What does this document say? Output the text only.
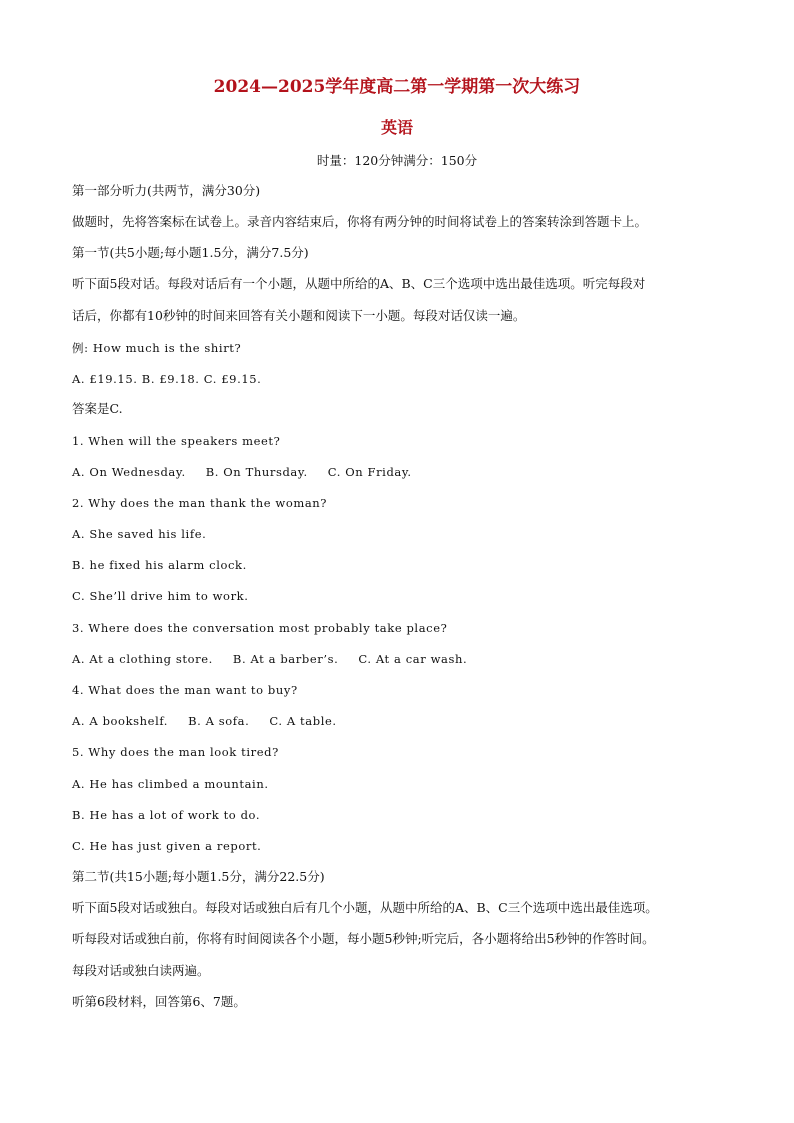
2024—2025学年度高二第一学期第一次大练习
英语
时量：120分钟满分：150分
第一部分听力(共两节，满分30分)
做题时，先将答案标在试卷上。录音内容结束后，你将有两分钟的时间将试卷上的答案转涂到答题卡上。
第一节(共5小题;每小题1.5分，满分7.5分)
听下面5段对话。每段对话后有一个小题，从题中所给的A、B、C三个选项中选出最佳选项。听完每段对
话后，你都有10秒钟的时间来回答有关小题和阅读下一小题。每段对话仅读一遍。
例: How much is the shirt?
A. £19.15. B. £9.18. C. £9.15.
答案是C.
1. When will the speakers meet?
A. On Wednesday. B. On Thursday. C. On Friday.
2. Why does the man thank the woman?
A. She saved his life.
B. he fixed his alarm clock.
C. She’ll drive him to work.
3. Where does the conversation most probably take place?
A. At a clothing store. B. At a barber’s. C. At a car wash.
4. What does the man want to buy?
A. A bookshelf. B. A sofa. C. A table.
5. Why does the man look tired?
A. He has climbed a mountain.
B. He has a lot of work to do.
C. He has just given a report.
第二节(共15小题;每小题1.5分，满分22.5分)
听下面5段对话或独白。每段对话或独白后有几个小题，从题中所给的A、B、C三个选项中选出最佳选项。
听每段对话或独白前，你将有时间阅读各个小题，每小题5秒钟;听完后，各小题将给出5秒钟的作答时间。
每段对话或独白读两遍。
听第6段材料，回答第6、7题。
